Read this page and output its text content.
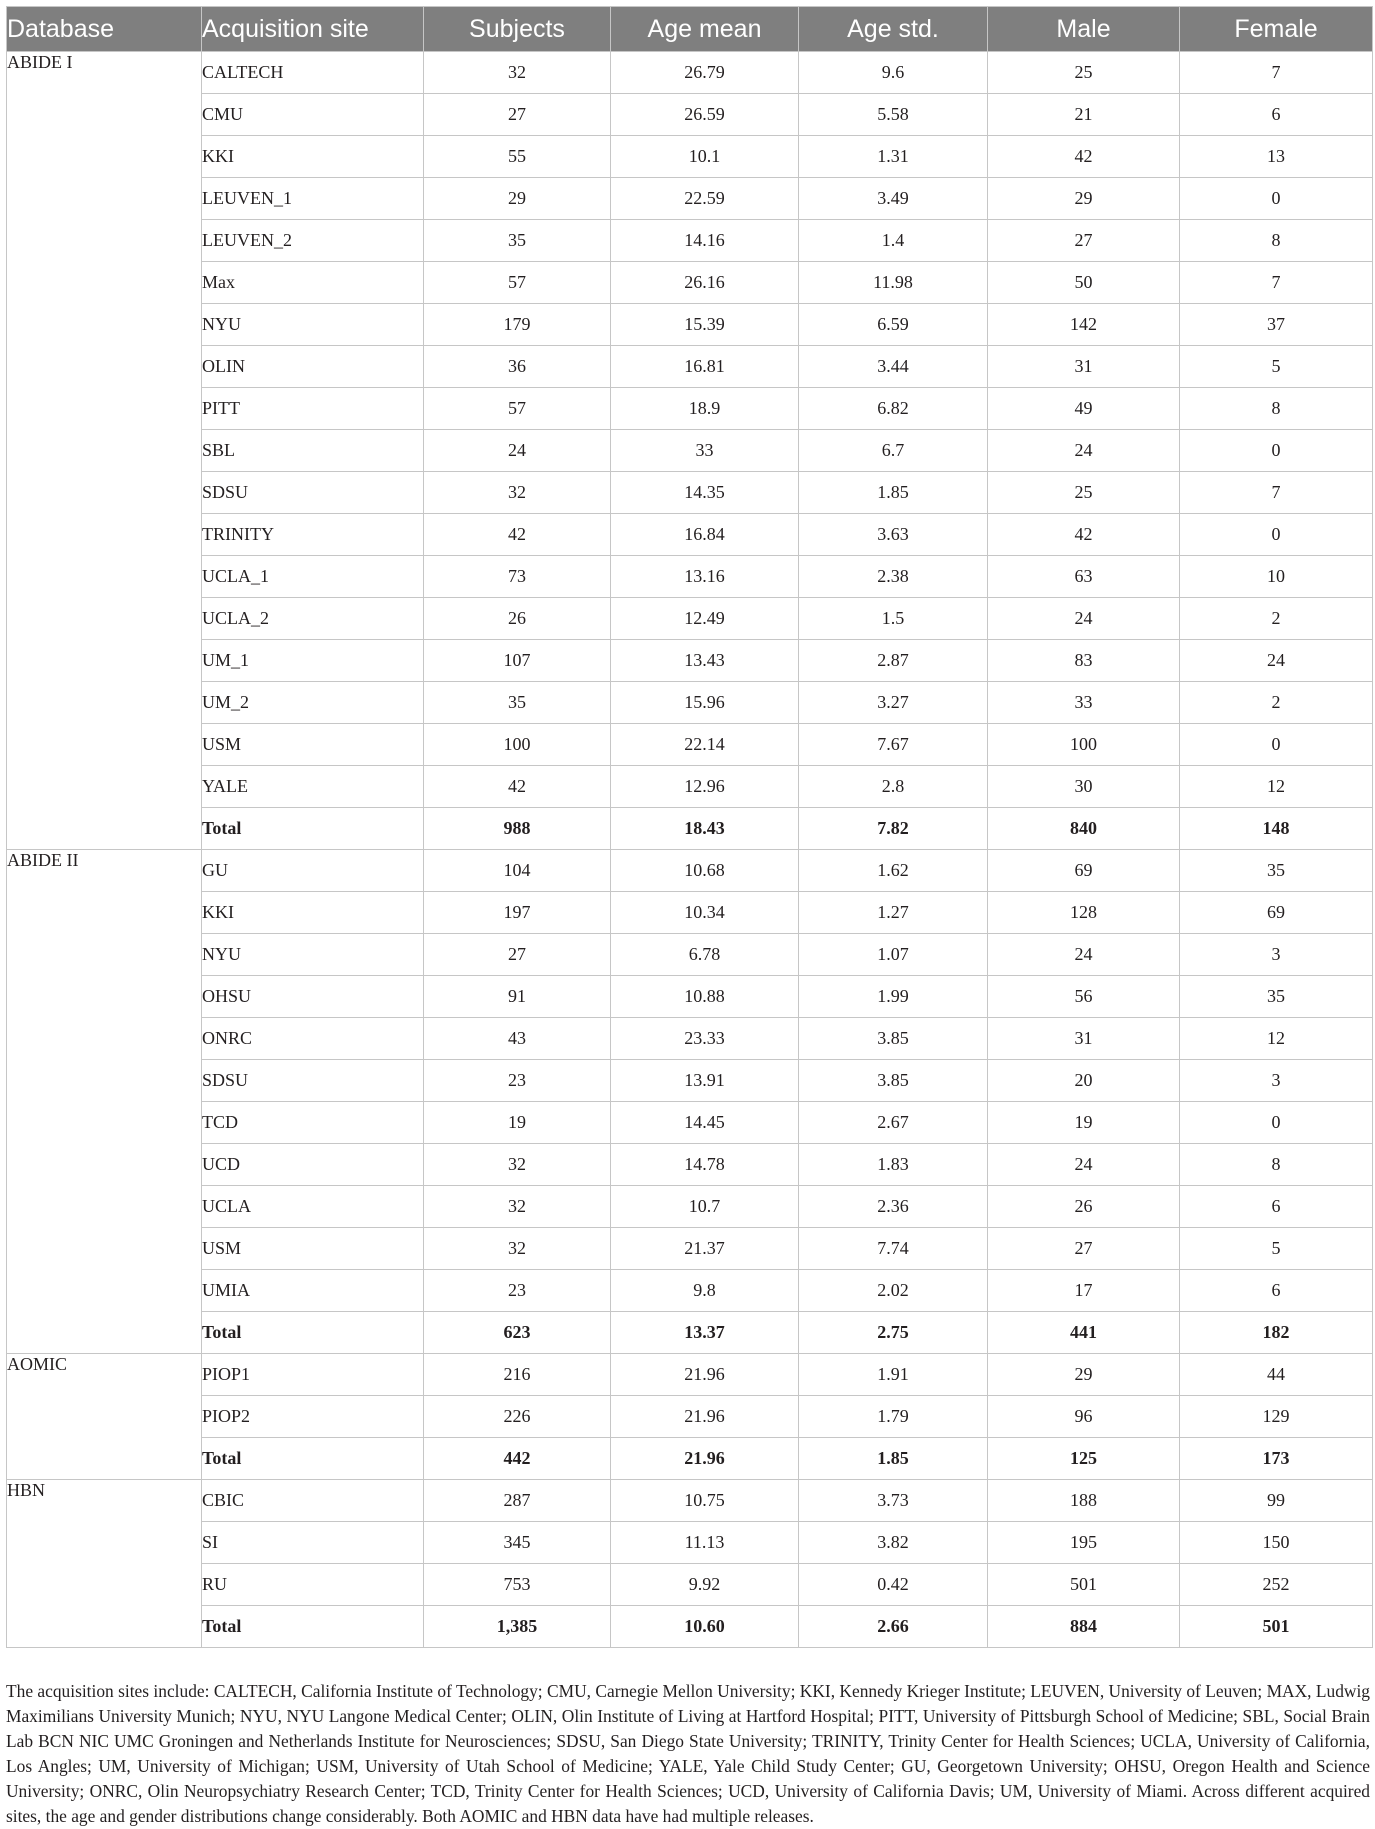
Database	Acquisition site	Subjects	Age mean	Age std.	Male	Female
ABIDE I	CALTECH	32	26.79	9.6	25	7
	CMU	27	26.59	5.58	21	6
	KKI	55	10.1	1.31	42	13
	LEUVEN_1	29	22.59	3.49	29	0
	LEUVEN_2	35	14.16	1.4	27	8
	Max	57	26.16	11.98	50	7
	NYU	179	15.39	6.59	142	37
	OLIN	36	16.81	3.44	31	5
	PITT	57	18.9	6.82	49	8
	SBL	24	33	6.7	24	0
	SDSU	32	14.35	1.85	25	7
	TRINITY	42	16.84	3.63	42	0
	UCLA_1	73	13.16	2.38	63	10
	UCLA_2	26	12.49	1.5	24	2
	UM_1	107	13.43	2.87	83	24
	UM_2	35	15.96	3.27	33	2
	USM	100	22.14	7.67	100	0
	YALE	42	12.96	2.8	30	12
	Total	988	18.43	7.82	840	148
ABIDE II	GU	104	10.68	1.62	69	35
	KKI	197	10.34	1.27	128	69
	NYU	27	6.78	1.07	24	3
	OHSU	91	10.88	1.99	56	35
	ONRC	43	23.33	3.85	31	12
	SDSU	23	13.91	3.85	20	3
	TCD	19	14.45	2.67	19	0
	UCD	32	14.78	1.83	24	8
	UCLA	32	10.7	2.36	26	6
	USM	32	21.37	7.74	27	5
	UMIA	23	9.8	2.02	17	6
	Total	623	13.37	2.75	441	182
AOMIC	PIOP1	216	21.96	1.91	29	44
	PIOP2	226	21.96	1.79	96	129
	Total	442	21.96	1.85	125	173
HBN	CBIC	287	10.75	3.73	188	99
	SI	345	11.13	3.82	195	150
	RU	753	9.92	0.42	501	252
	Total	1,385	10.60	2.66	884	501

The acquisition sites include: CALTECH, California Institute of Technology; CMU, Carnegie Mellon University; KKI, Kennedy Krieger Institute; LEUVEN, University of Leuven; MAX, Ludwig Maximilians University Munich; NYU, NYU Langone Medical Center; OLIN, Olin Institute of Living at Hartford Hospital; PITT, University of Pittsburgh School of Medicine; SBL, Social Brain Lab BCN NIC UMC Groningen and Netherlands Institute for Neurosciences; SDSU, San Diego State University; TRINITY, Trinity Center for Health Sciences; UCLA, University of California, Los Angles; UM, University of Michigan; USM, University of Utah School of Medicine; YALE, Yale Child Study Center; GU, Georgetown University; OHSU, Oregon Health and Science University; ONRC, Olin Neuropsychiatry Research Center; TCD, Trinity Center for Health Sciences; UCD, University of California Davis; UM, University of Miami. Across different acquired sites, the age and gender distributions change considerably. Both AOMIC and HBN data have had multiple releases.
